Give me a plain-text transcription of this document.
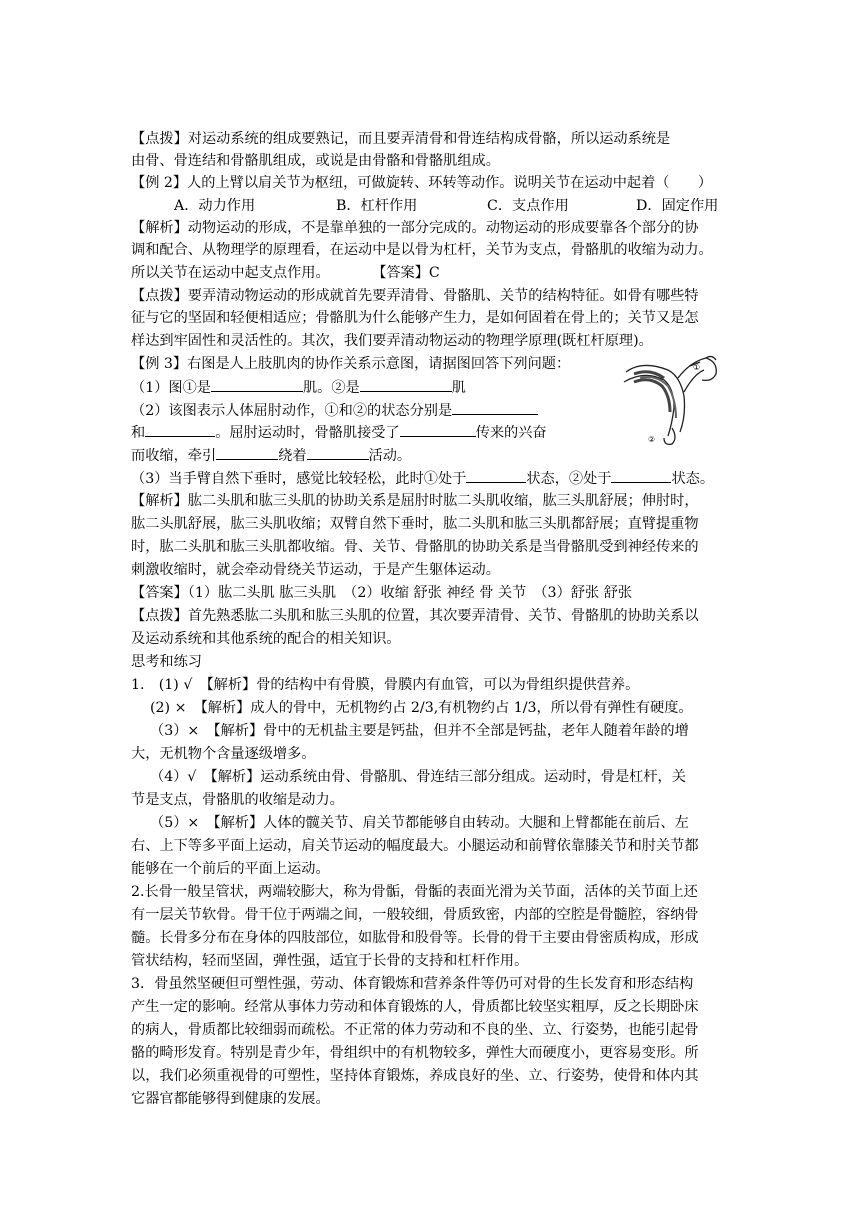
【点拨】对运动系统的组成要熟记，而且要弄清骨和骨连结构成骨骼，所以运动系统是
由骨、骨连结和骨骼肌组成，或说是由骨骼和骨骼肌组成。
【例 2】人的上臂以肩关节为枢纽，可做旋转、环转等动作。说明关节在运动中起着（　　）
A．动力作用	B．杠杆作用	C．支点作用	D．固定作用
【解析】动物运动的形成，不是靠单独的一部分完成的。动物运动的形成要靠各个部分的协
调和配合、从物理学的原理看，在运动中是以骨为杠杆，关节为支点，骨骼肌的收缩为动力。
所以关节在运动中起支点作用。　　　　【答案】C
【点拨】要弄清动物运动的形成就首先要弄清骨、骨骼肌、关节的结构特征。如骨有哪些特
征与它的坚固和轻便相适应；骨骼肌为什么能够产生力，是如何固着在骨上的；关节又是怎
样达到牢固性和灵活性的。其次，我们要弄清动物运动的物理学原理(既杠杆原理)。
【例 3】右图是人上肢肌肉的协作关系示意图，请据图回答下列问题：
（1）图①是	肌。②是	肌
（2）该图表示人体屈肘动作，①和②的状态分别是
和	。屈肘运动时，骨骼肌接受了	传来的兴奋
而收缩，牵引	绕着	活动。
（3）当手臂自然下垂时，感觉比较轻松，此时①处于	状态，②处于	状态。
①
②
【解析】肱二头肌和肱三头肌的协助关系是屈肘时肱二头肌收缩，肱三头肌舒展；伸肘时，
肱二头肌舒展，肱三头肌收缩；双臂自然下垂时，肱二头肌和肱三头肌都舒展；直臂提重物
时，肱二头肌和肱三头肌都收缩。骨、关节、骨骼肌的协助关系是当骨骼肌受到神经传来的
刺激收缩时，就会牵动骨绕关节运动，于是产生躯体运动。
【答案】（1）肱二头肌 肱三头肌　（2）收缩 舒张 神经 骨 关节　（3）舒张 舒张
【点拨】首先熟悉肱二头肌和肱三头肌的位置，其次要弄清骨、关节、骨骼肌的协助关系以
及运动系统和其他系统的配合的相关知识。
思考和练习
1.　(1) √　【解析】骨的结构中有骨膜，骨膜内有血管，可以为骨组织提供营养。
(2) ×　【解析】成人的骨中，无机物约占 2/3,有机物约占 1/3，所以骨有弹性有硬度。
（3）×　【解析】骨中的无机盐主要是钙盐，但并不全部是钙盐，老年人随着年龄的增
大，无机物个含量逐级增多。
（4）√　【解析】运动系统由骨、骨骼肌、骨连结三部分组成。运动时，骨是杠杆，关
节是支点，骨骼肌的收缩是动力。
（5）×　【解析】人体的髋关节、肩关节都能够自由转动。大腿和上臂都能在前后、左
右、上下等多平面上运动，肩关节运动的幅度最大。小腿运动和前臂依靠膝关节和肘关节都
能够在一个前后的平面上运动。
2.长骨一般呈管状，两端较膨大，称为骨骺，骨骺的表面光滑为关节面，活体的关节面上还
有一层关节软骨。骨干位于两端之间，一般较细，骨质致密，内部的空腔是骨髓腔，容纳骨
髓。长骨多分布在身体的四肢部位，如肱骨和股骨等。长骨的骨干主要由骨密质构成，形成
管状结构，轻而坚固，弹性强，适宜于长骨的支持和杠杆作用。
3．骨虽然坚硬但可塑性强，劳动、体育锻炼和营养条件等仍可对骨的生长发育和形态结构
产生一定的影响。经常从事体力劳动和体育锻炼的人，骨质都比较坚实粗厚，反之长期卧床
的病人，骨质都比较细弱而疏松。不正常的体力劳动和不良的坐、立、行姿势，也能引起骨
骼的畸形发育。特别是青少年，骨组织中的有机物较多，弹性大而硬度小，更容易变形。所
以，我们必须重视骨的可塑性，坚持体育锻炼，养成良好的坐、立、行姿势，使骨和体内其
它器官都能够得到健康的发展。
